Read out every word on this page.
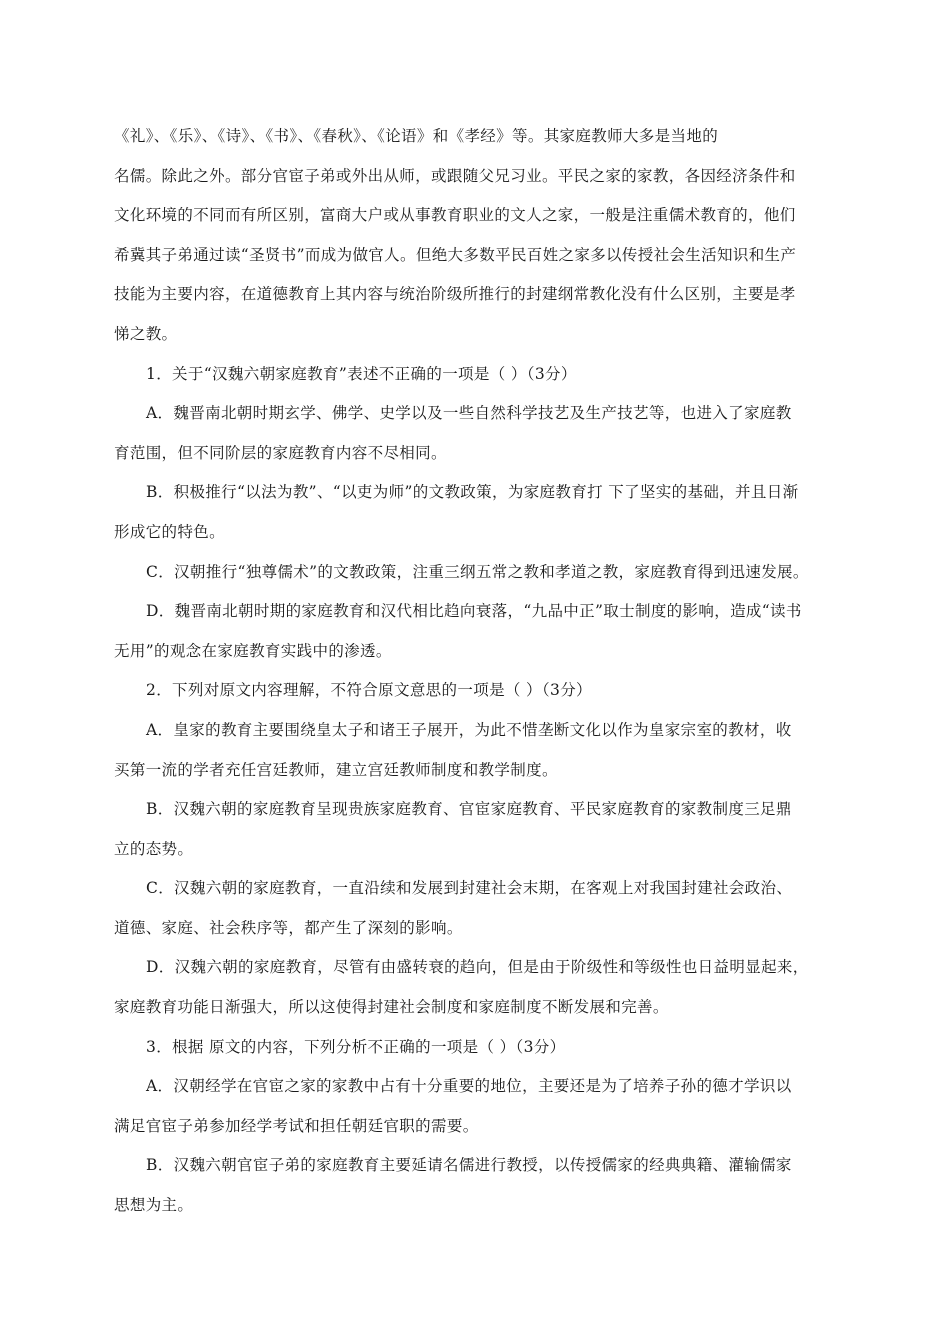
《礼》、《乐》、《诗》、《书》、《春秋》、《论语》和《孝经》等。其家庭教师大多是当地的
名儒。除此之外。部分官宦子弟或外出从师，或跟随父兄习业。平民之家的家教，各因经济条件和
文化环境的不同而有所区别，富商大户或从事教育职业的文人之家，一般是注重儒术教育的，他们
希冀其子弟通过读“圣贤书”而成为做官人。但绝大多数平民百姓之家多以传授社会生活知识和生产
技能为主要内容，在道德教育上其内容与统治阶级所推行的封建纲常教化没有什么区别，主要是孝
悌之教。
1．关于“汉魏六朝家庭教育”表述不正确的一项是（ ）（3分）
A．魏晋南北朝时期玄学、佛学、史学以及一些自然科学技艺及生产技艺等，也进入了家庭教
育范围，但不同阶层的家庭教育内容不尽相同。
B．积极推行“以法为教”、“以吏为师”的文教政策，为家庭教育打 下了坚实的基础，并且日渐
形成它的特色。
C．汉朝推行“独尊儒术”的文教政策，注重三纲五常之教和孝道之教，家庭教育得到迅速发展。
D．魏晋南北朝时期的家庭教育和汉代相比趋向衰落，“九品中正”取士制度的影响，造成“读书
无用”的观念在家庭教育实践中的渗透。
2．下列对原文内容理解，不符合原文意思的一项是（ ）（3分）
A．皇家的教育主要围绕皇太子和诸王子展开，为此不惜垄断文化以作为皇家宗室的教材，收
买第一流的学者充任宫廷教师，建立宫廷教师制度和教学制度。
B．汉魏六朝的家庭教育呈现贵族家庭教育、官宦家庭教育、平民家庭教育的家教制度三足鼎
立的态势。
C．汉魏六朝的家庭教育，一直沿续和发展到封建社会末期，在客观上对我国封建社会政治、
道德、家庭、社会秩序等，都产生了深刻的影响。
D．汉魏六朝的家庭教育，尽管有由盛转衰的趋向，但是由于阶级性和等级性也日益明显起来，
家庭教育功能日渐强大，所以这使得封建社会制度和家庭制度不断发展和完善。
3．根据 原文的内容，下列分析不正确的一项是（ ）（3分）
A．汉朝经学在官宦之家的家教中占有十分重要的地位，主要还是为了培养子孙的德才学识以
满足官宦子弟参加经学考试和担任朝廷官职的需要。
B．汉魏六朝官宦子弟的家庭教育主要延请名儒进行教授，以传授儒家的经典典籍、灌输儒家
思想为主。
